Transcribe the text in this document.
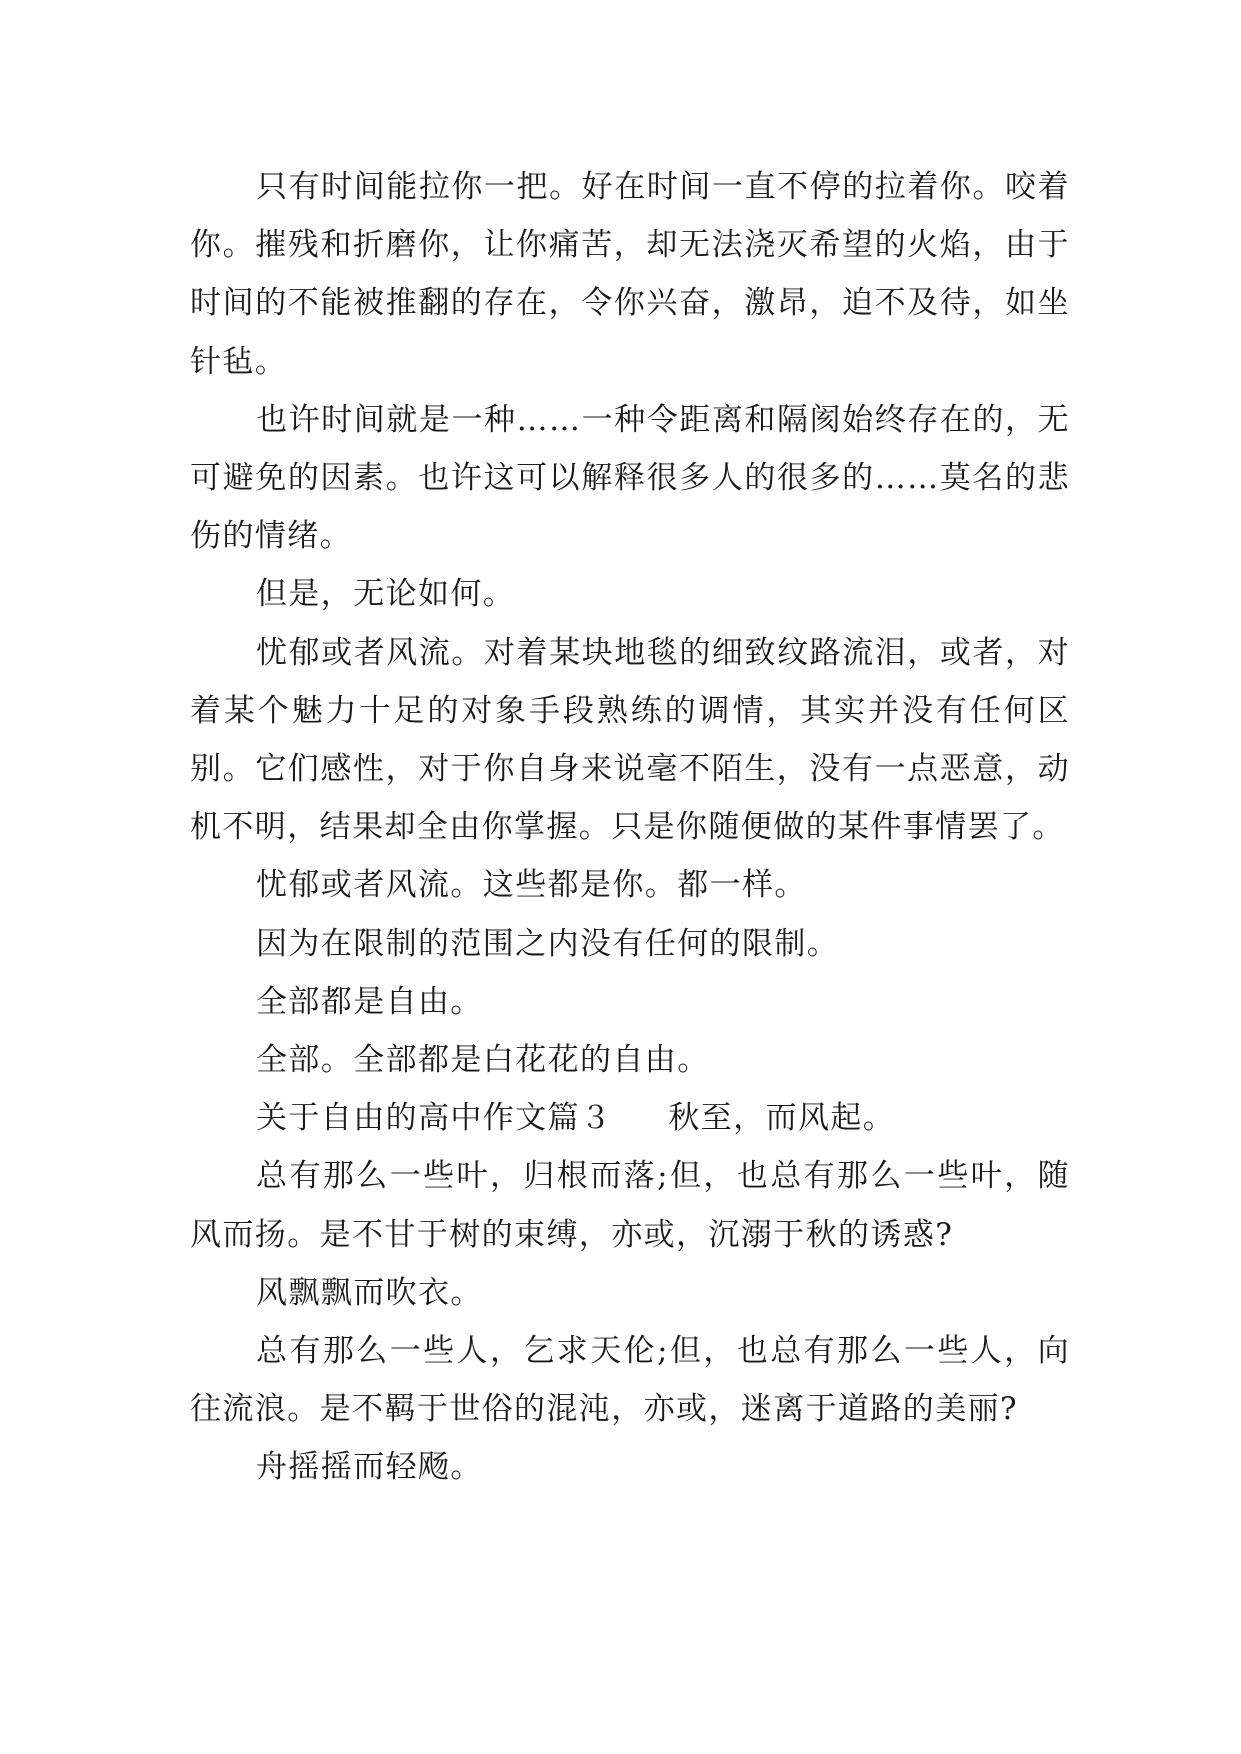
只有时间能拉你一把。好在时间一直不停的拉着你。咬着你。摧残和折磨你，让你痛苦，却无法浇灭希望的火焰，由于时间的不能被推翻的存在，令你兴奋，激昂，迫不及待，如坐针毡。

也许时间就是一种……一种令距离和隔阂始终存在的，无可避免的因素。也许这可以解释很多人的很多的……莫名的悲伤的情绪。

但是，无论如何。

忧郁或者风流。对着某块地毯的细致纹路流泪，或者，对着某个魅力十足的对象手段熟练的调情，其实并没有任何区别。它们感性，对于你自身来说毫不陌生，没有一点恶意，动机不明，结果却全由你掌握。只是你随便做的某件事情罢了。

忧郁或者风流。这些都是你。都一样。

因为在限制的范围之内没有任何的限制。

全部都是自由。

全部。全部都是白花花的自由。

关于自由的高中作文篇３ 秋至，而风起。

总有那么一些叶，归根而落;但，也总有那么一些叶，随风而扬。是不甘于树的束缚，亦或，沉溺于秋的诱惑?

风飘飘而吹衣。

总有那么一些人，乞求天伦;但，也总有那么一些人，向往流浪。是不羁于世俗的混沌，亦或，迷离于道路的美丽?

舟摇摇而轻飏。
